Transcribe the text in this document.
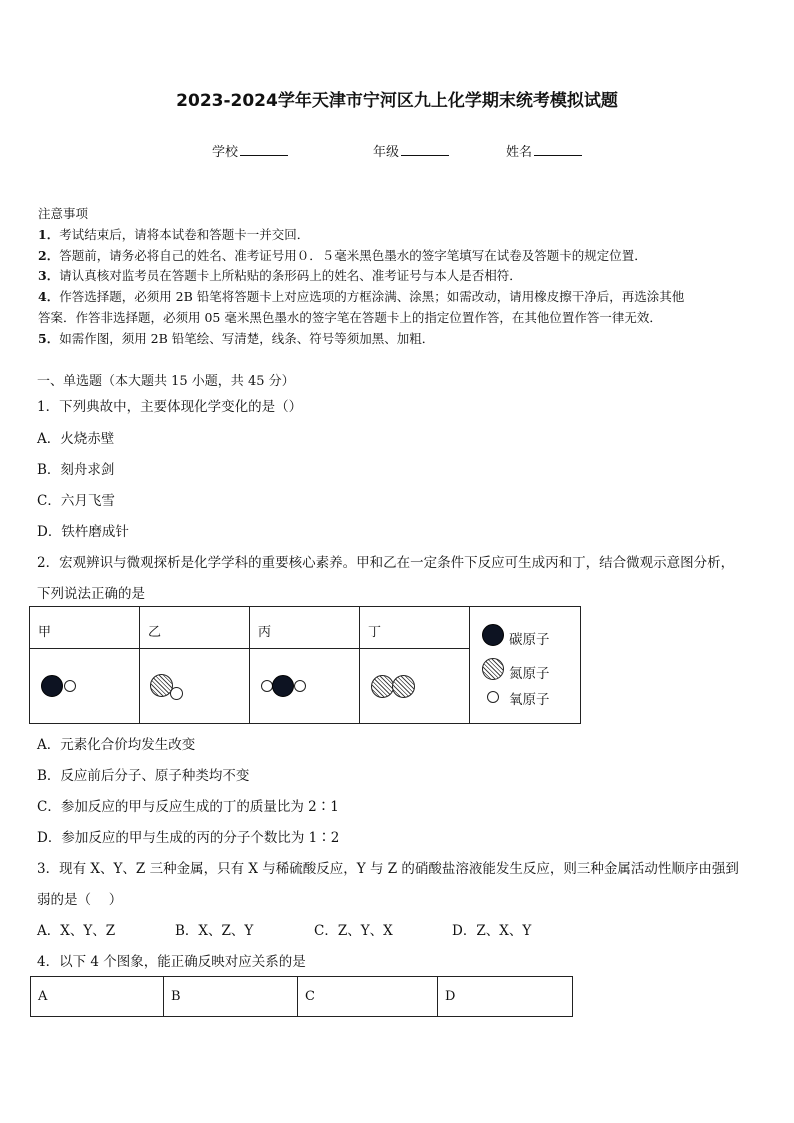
2023-2024学年天津市宁河区九上化学期末统考模拟试题
学校	年级	姓名
注意事项
1．考试结束后，请将本试卷和答题卡一并交回．
2．答题前，请务必将自己的姓名、准考证号用０．５毫米黑色墨水的签字笔填写在试卷及答题卡的规定位置．
3．请认真核对监考员在答题卡上所粘贴的条形码上的姓名、准考证号与本人是否相符．
4．作答选择题，必须用 2B 铅笔将答题卡上对应选项的方框涂满、涂黑；如需改动，请用橡皮擦干净后，再选涂其他
答案．作答非选择题，必须用 05 毫米黑色墨水的签字笔在答题卡上的指定位置作答，在其他位置作答一律无效．
5．如需作图，须用 2B 铅笔绘、写清楚，线条、符号等须加黑、加粗．
一、单选题（本大题共 15 小题，共 45 分）
1．下列典故中，主要体现化学变化的是（）
A．火烧赤壁
B．刻舟求剑
C．六月飞雪
D．铁杵磨成针
2．宏观辨识与微观探析是化学学科的重要核心素养。甲和乙在一定条件下反应可生成丙和丁，结合微观示意图分析，
下列说法正确的是
甲	乙	丙	丁	碳原子
氮原子
氧原子

A．元素化合价均发生改变
B．反应前后分子、原子种类均不变
C．参加反应的甲与反应生成的丁的质量比为 2∶1
D．参加反应的甲与生成的丙的分子个数比为 1∶2
3．现有 X、Y、Z 三种金属，只有 X 与稀硫酸反应，Y 与 Z 的硝酸盐溶液能发生反应，则三种金属活动性顺序由强到
弱的是（　 ）
A．X、Y、Z	B．X、Z、Y	C．Z、Y、X	D．Z、X、Y
4．以下 4 个图象，能正确反映对应关系的是
A	B	C	D
